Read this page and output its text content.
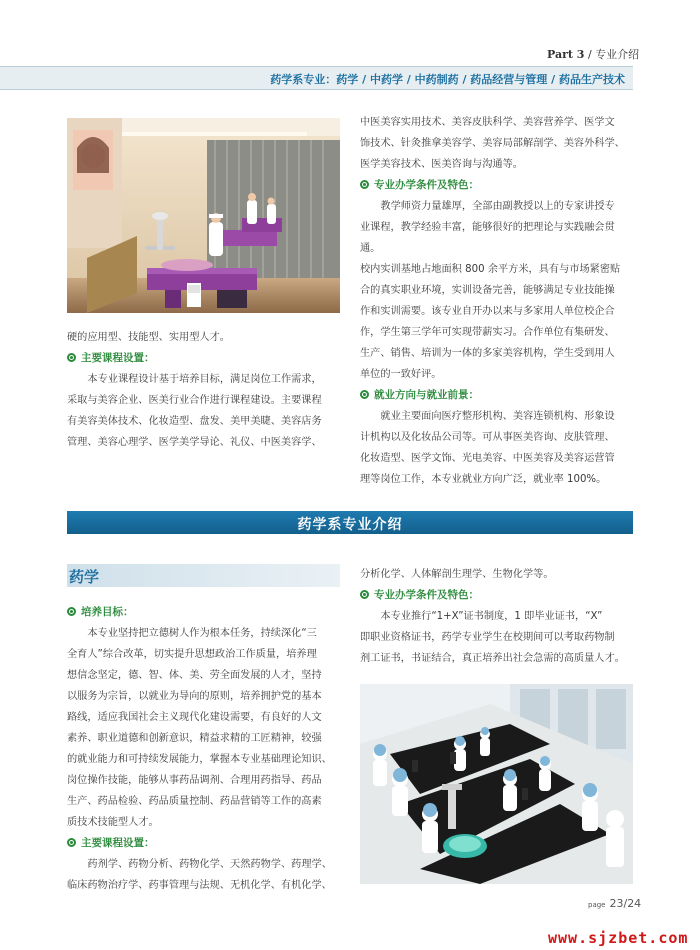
Part 3 / 专业介绍
药学系专业：药学 / 中药学 / 中药制药 / 药品经营与管理 / 药品生产技术

硬的应用型、技能型、实用型人才。

主要课程设置：

本专业课程设计基于培养目标，满足岗位工作需求，

采取与美容企业、医美行业合作进行课程建设。主要课程

有美容美体技术、化妆造型、盘发、美甲美睫、美容店务

管理、美容心理学、医学美学导论、礼仪、中医美容学、

中医美容实用技术、美容皮肤科学、美容营养学、医学文

饰技术、针灸推拿美容学、美容局部解剖学、美容外科学、

医学美容技术、医美咨询与沟通等。

专业办学条件及特色：

教学师资力量雄厚，全部由副教授以上的专家讲授专

业课程，教学经验丰富，能够很好的把理论与实践融会贯通。

校内实训基地占地面积 800 余平方米，具有与市场紧密贴

合的真实职业环境，实训设备完善，能够满足专业技能操

作和实训需要。该专业自开办以来与多家用人单位校企合

作，学生第三学年可实现带薪实习。合作单位有集研发、

生产、销售、培训为一体的多家美容机构，学生受到用人

单位的一致好评。

就业方向与就业前景：

就业主要面向医疗整形机构、美容连锁机构、形象设

计机构以及化妆品公司等。可从事医美咨询、皮肤管理、

化妆造型、医学文饰、光电美容、中医美容及美容运营管

理等岗位工作，本专业就业方向广泛，就业率 100%。

药学系专业介绍
药学
培养目标：

本专业坚持把立德树人作为根本任务，持续深化“三

全育人”综合改革，切实提升思想政治工作质量，培养理

想信念坚定，德、智、体、美、劳全面发展的人才，坚持

以服务为宗旨，以就业为导向的原则，培养拥护党的基本

路线，适应我国社会主义现代化建设需要，有良好的人文

素养、职业道德和创新意识，精益求精的工匠精神，较强

的就业能力和可持续发展能力，掌握本专业基础理论知识、

岗位操作技能，能够从事药品调剂、合理用药指导、药品

生产、药品检验、药品质量控制、药品营销等工作的高素

质技术技能型人才。

主要课程设置：

药剂学、药物分析、药物化学、天然药物学、药理学、

临床药物治疗学、药事管理与法规、无机化学、有机化学、

分析化学、人体解剖生理学、生物化学等。

专业办学条件及特色：

本专业推行“1+X”证书制度，1 即毕业证书，“X”

即职业资格证书，药学专业学生在校期间可以考取药物制

剂工证书，书证结合，真正培养出社会急需的高质量人才。

page 23/24
www.sjzbet.com
